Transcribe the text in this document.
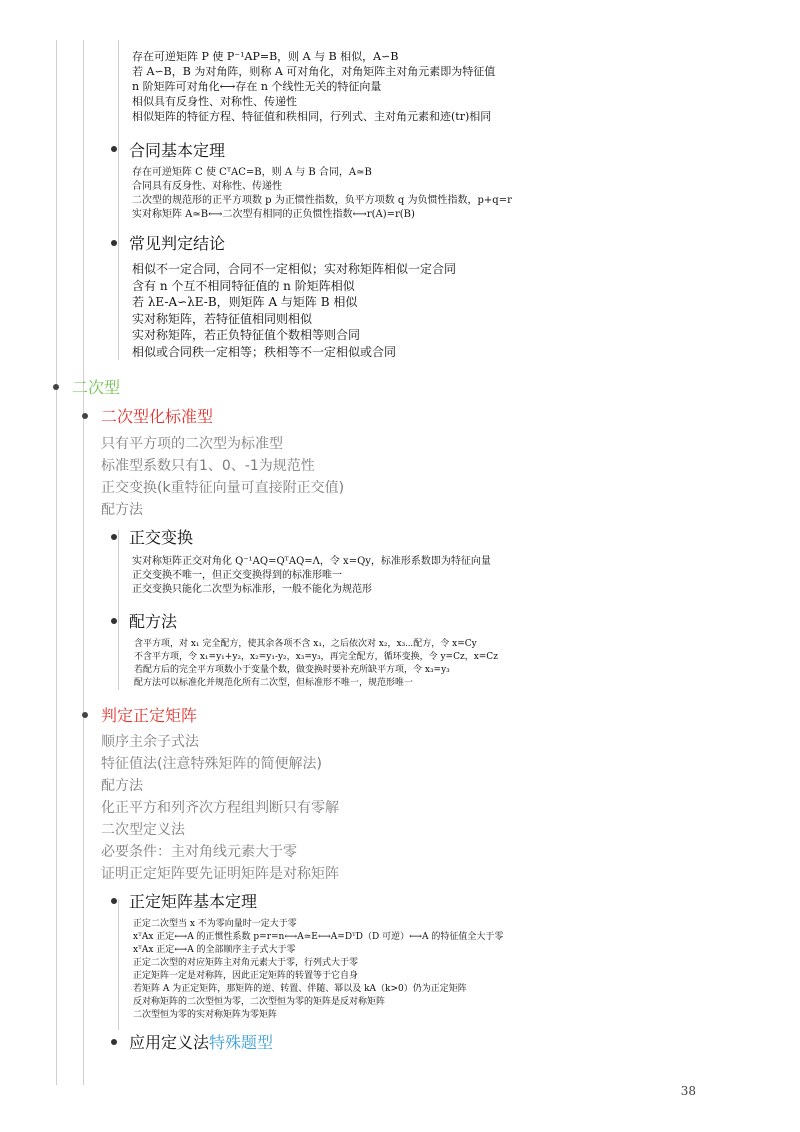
存在可逆矩阵 P 使 P⁻¹AP=B，则 A 与 B 相似，A∽B
若 A∽B，B 为对角阵，则称 A 可对角化，对角矩阵主对角元素即为特征值
n 阶矩阵可对角化⟷存在 n 个线性无关的特征向量
相似具有反身性、对称性、传递性
相似矩阵的特征方程、特征值和秩相同，行列式、主对角元素和迹(tr)相同
合同基本定理
存在可逆矩阵 C 使 CᵀAC=B，则 A 与 B 合同，A≃B
合同具有反身性、对称性、传递性
二次型的规范形的正平方项数 p 为正惯性指数，负平方项数 q 为负惯性指数，p+q=r
实对称矩阵 A≃B⟷二次型有相同的正负惯性指数⟷r(A)=r(B)
常见判定结论
相似不一定合同，合同不一定相似；实对称矩阵相似一定合同
含有 n 个互不相同特征值的 n 阶矩阵相似
若 λE-A∽λE-B，则矩阵 A 与矩阵 B 相似
实对称矩阵，若特征值相同则相似
实对称矩阵，若正负特征值个数相等则合同
相似或合同秩一定相等；秩相等不一定相似或合同
二次型
二次型化标准型
只有平方项的二次型为标准型
标准型系数只有1、0、-1为规范性
正交变换(k重特征向量可直接附正交值)
配方法
正交变换
实对称矩阵正交对角化 Q⁻¹AQ=QᵀAQ=Λ，令 x=Qy，标准形系数即为特征向量
正交变换不唯一，但正交变换得到的标准形唯一
正交变换只能化二次型为标准形，一般不能化为规范形
配方法
含平方项，对 x₁ 完全配方，使其余各项不含 x₁，之后依次对 x₂，x₃⋯配方，令 x=Cy
不含平方项，令 x₁=y₁+y₂，x₂=y₁-y₂，x₃=y₃，再完全配方，循环变换，令 y=Cz，x=Cz
若配方后的完全平方项数小于变量个数，做变换时要补充所缺平方项，令 x₃=y₃
配方法可以标准化并规范化所有二次型，但标准形不唯一，规范形唯一
判定正定矩阵
顺序主余子式法
特征值法(注意特殊矩阵的简便解法)
配方法
化正平方和列齐次方程组判断只有零解
二次型定义法
必要条件：主对角线元素大于零
证明正定矩阵要先证明矩阵是对称矩阵
正定矩阵基本定理
正定二次型当 x 不为零向量时一定大于零
xᵀAx 正定⟷A 的正惯性系数 p=r=n⟷A≃E⟷A=DᵀD（D 可逆）⟷A 的特征值全大于零
xᵀAx 正定⟷A 的全部顺序主子式大于零
正定二次型的对应矩阵主对角元素大于零，行列式大于零
正定矩阵一定是对称阵，因此正定矩阵的转置等于它自身
若矩阵 A 为正定矩阵，那矩阵的逆、转置、伴随、幂以及 kA（k>0）仍为正定矩阵
反对称矩阵的二次型恒为零，二次型恒为零的矩阵是反对称矩阵
二次型恒为零的实对称矩阵为零矩阵
应用定义法特殊题型
38
